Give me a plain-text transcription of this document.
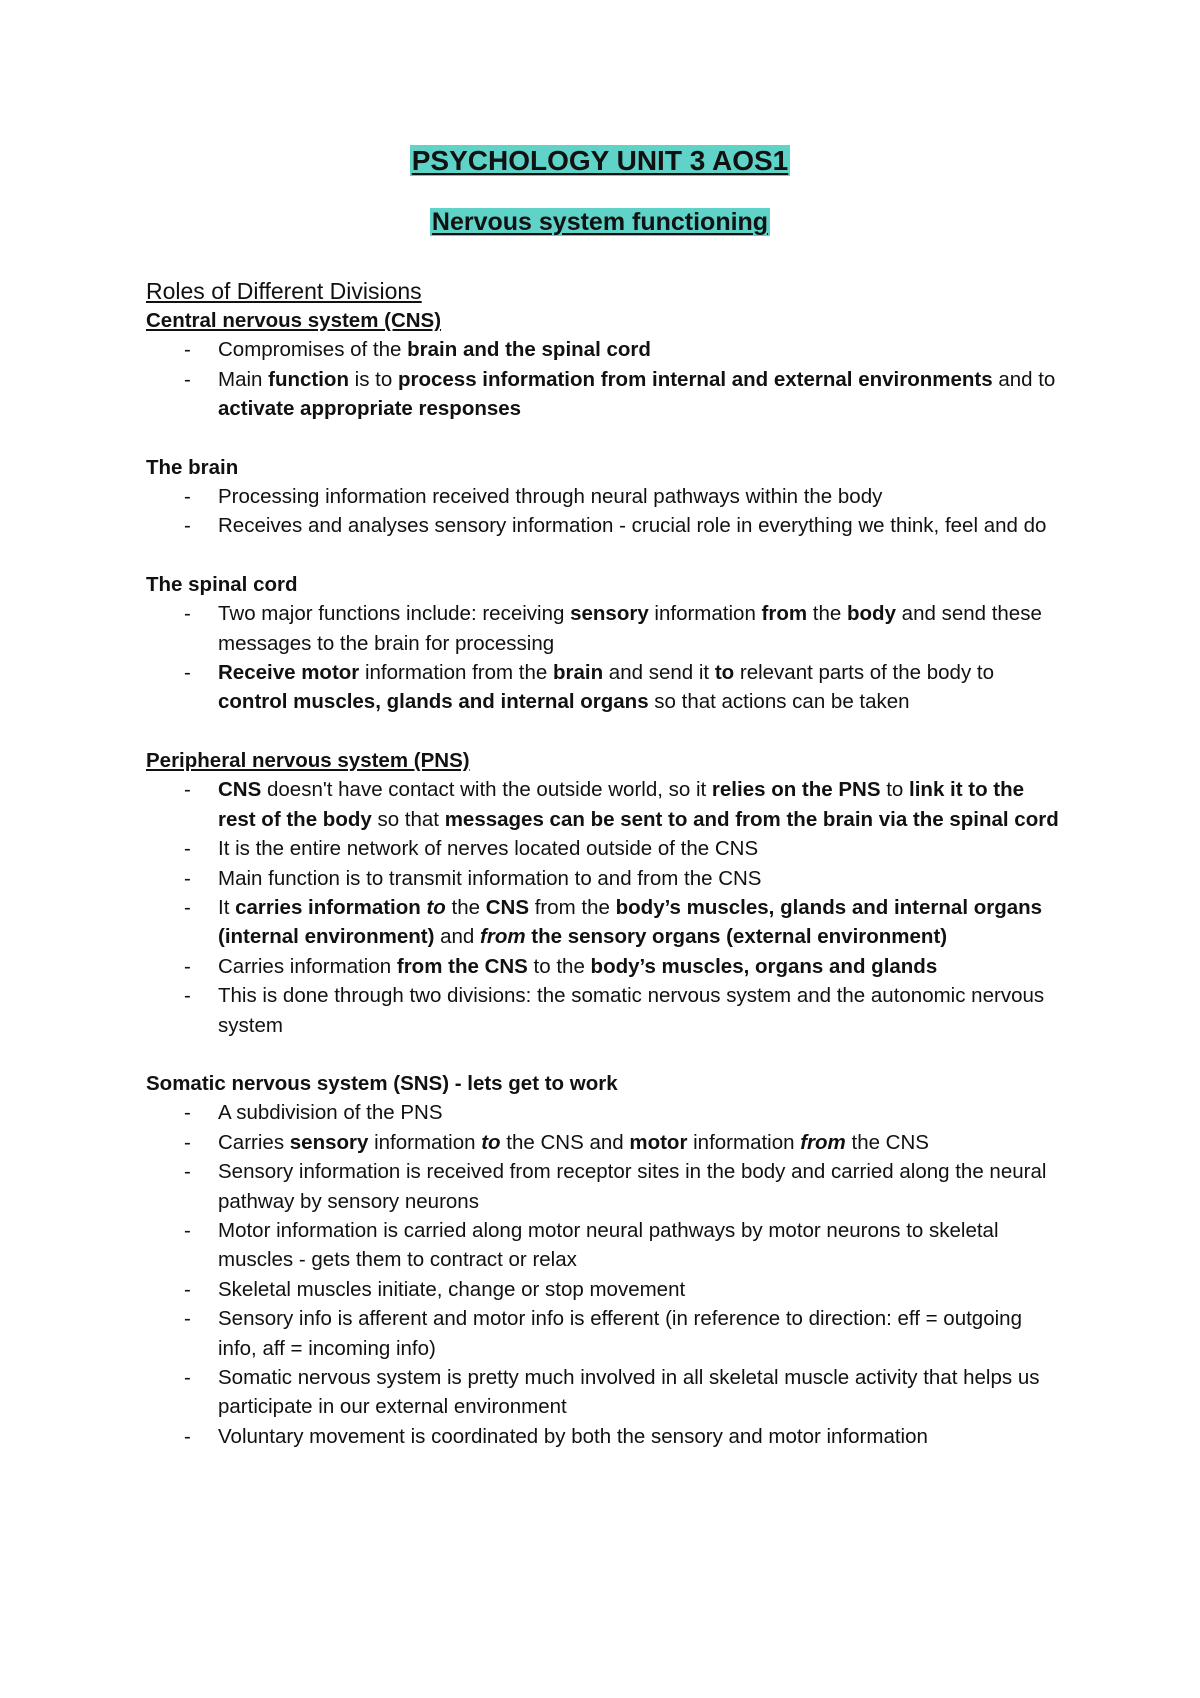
PSYCHOLOGY UNIT 3 AOS1
Nervous system functioning

Roles of Different Divisions

Central nervous system (CNS)

- Compromises of the brain and the spinal cord
- Main function is to process information from internal and external environments and to activate appropriate responses

The brain

- Processing information received through neural pathways within the body
- Receives and analyses sensory information - crucial role in everything we think, feel and do

The spinal cord

- Two major functions include: receiving sensory information from the body and send these messages to the brain for processing
- Receive motor information from the brain and send it to relevant parts of the body to control muscles, glands and internal organs so that actions can be taken

Peripheral nervous system (PNS)

- CNS doesn't have contact with the outside world, so it relies on the PNS to link it to the rest of the body so that messages can be sent to and from the brain via the spinal cord
- It is the entire network of nerves located outside of the CNS
- Main function is to transmit information to and from the CNS
- It carries information to the CNS from the body’s muscles, glands and internal organs (internal environment) and from the sensory organs (external environment)
- Carries information from the CNS to the body’s muscles, organs and glands
- This is done through two divisions: the somatic nervous system and the autonomic nervous system

Somatic nervous system (SNS) - lets get to work

- A subdivision of the PNS
- Carries sensory information to the CNS and motor information from the CNS
- Sensory information is received from receptor sites in the body and carried along the neural pathway by sensory neurons
- Motor information is carried along motor neural pathways by motor neurons to skeletal muscles - gets them to contract or relax
- Skeletal muscles initiate, change or stop movement
- Sensory info is afferent and motor info is efferent (in reference to direction: eff = outgoing info, aff = incoming info)
- Somatic nervous system is pretty much involved in all skeletal muscle activity that helps us participate in our external environment
- Voluntary movement is coordinated by both the sensory and motor information
